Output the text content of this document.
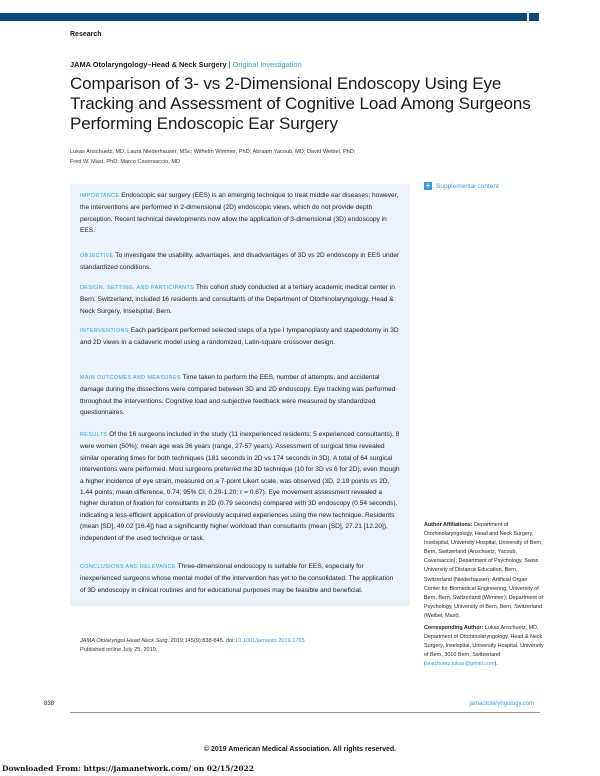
Research
JAMA Otolaryngology–Head & Neck Surgery | Original Investigation
Comparison of 3- vs 2-Dimensional Endoscopy Using Eye Tracking and Assessment of Cognitive Load Among Surgeons Performing Endoscopic Ear Surgery
Lukas Anschuetz, MD; Laura Niederhauser, MSc; Wilhelm Wimmer, PhD; Abraam Yacoub, MD; David Weibel, PhD;
Fred W. Mast, PhD; Marco Caversaccio, MD
+ Supplemental content
IMPORTANCE Endoscopic ear surgery (EES) is an emerging technique to treat middle ear diseases; however, the interventions are performed in 2-dimensional (2D) endoscopic views, which do not provide depth perception. Recent technical developments now allow the application of 3-dimensional (3D) endoscopy in EES.
OBJECTIVE To investigate the usability, advantages, and disadvantages of 3D vs 2D endoscopy in EES under standardized conditions.
DESIGN, SETTING, AND PARTICIPANTS This cohort study conducted at a tertiary academic medical center in Bern, Switzerland, included 16 residents and consultants of the Department of Otorhinolaryngology, Head & Neck Surgery, Inselspital, Bern.
INTERVENTIONS Each participant performed selected steps of a type I tympanoplasty and stapedotomy in 3D and 2D views in a cadaveric model using a randomized, Latin-square crossover design.
MAIN OUTCOMES AND MEASURES Time taken to perform the EES, number of attempts, and accidental damage during the dissections were compared between 3D and 2D endoscopy. Eye tracking was performed throughout the interventions. Cognitive load and subjective feedback were measured by standardized questionnaires.
RESULTS Of the 16 surgeons included in the study (11 inexperienced residents; 5 experienced consultants), 8 were women (50%); mean age was 36 years (range, 27-57 years). Assessment of surgical time revealed similar operating times for both techniques (181 seconds in 2D vs 174 seconds in 3D). A total of 64 surgical interventions were performed. Most surgeons preferred the 3D technique (10 for 3D vs 6 for 2D), even though a higher incidence of eye strain, measured on a 7-point Likert scale, was observed (3D, 2.19 points vs 2D, 1.44 points; mean difference, 0.74; 95% CI, 0.29-1.20; r = 0.67). Eye movement assessment revealed a higher duration of fixation for consultants in 2D (0.79 seconds) compared with 3D endoscopy (0.54 seconds), indicating a less-efficient application of previously acquired experiences using the new technique. Residents (mean [SD], 49.02 [16.4]) had a significantly higher workload than consultants (mean [SD], 27.21 [12.20]), independent of the used technique or task.
CONCLUSIONS AND RELEVANCE Three-dimensional endoscopy is suitable for EES, especially for inexperienced surgeons whose mental model of the intervention has yet to be consolidated. The application of 3D endoscopy in clinical routines and for educational purposes may be feasible and beneficial.
JAMA Otolaryngol Head Neck Surg. 2019;145(9):838-845. doi:10.1001/jamaoto.2019.1765
Published online July 25, 2019.
Author Affiliations: Department of Otorhinolaryngology, Head and Neck Surgery, Inselspital, University Hospital, University of Bern, Bern, Switzerland (Anschuetz, Yacoub, Caversaccio); Department of Psychology, Swiss University of Distance Education, Bern, Switzerland (Niederhauser); Artificial Organ Center for Biomedical Engineering, University of Bern, Bern, Switzerland (Wimmer); Department of Psychology, University of Bern, Bern, Switzerland (Weibel, Mast).
Corresponding Author: Lukas Anschuetz, MD, Department of Otorhinolaryngology, Head & Neck Surgery, Inselspital, University Hospital, University of Bern, 3010 Bern, Switzerland (anschuetz.lukas@gmail.com).
838	jamaotolaryngology.com
© 2019 American Medical Association. All rights reserved.
Downloaded From: https://jamanetwork.com/ on 02/15/2022
